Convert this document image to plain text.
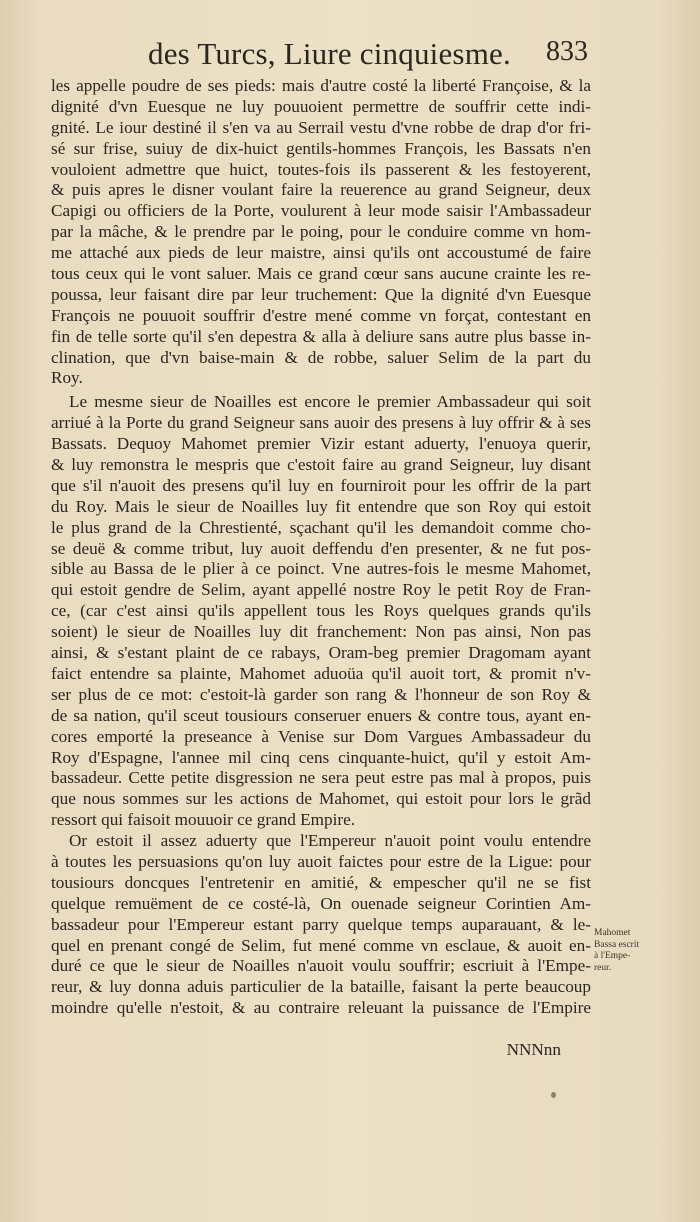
des Turcs, Liure cinquiesme. 833
les appelle poudre de ses pieds: mais d'autre costé la liberté Françoise, & la
dignité d'vn Euesque ne luy pouuoient permettre de souffrir cette indi-
gnité. Le iour destiné il s'en va au Serrail vestu d'vne robbe de drap d'or fri-
sé sur frise, suiuy de dix-huict gentils-hommes François, les Bassats n'en
vouloient admettre que huict, toutes-fois ils passerent & les festoyerent,
& puis apres le disner voulant faire la reuerence au grand Seigneur, deux
Capigi ou officiers de la Porte, voulurent à leur mode saisir l'Ambassadeur
par la mâche, & le prendre par le poing, pour le conduire comme vn hom-
me attaché aux pieds de leur maistre, ainsi qu'ils ont accoustumé de faire
tous ceux qui le vont saluer. Mais ce grand cœur sans aucune crainte les re-
poussa, leur faisant dire par leur truchement: Que la dignité d'vn Euesque
François ne pouuoit souffrir d'estre mené comme vn forçat, contestant en
fin de telle sorte qu'il s'en depestra & alla à deliure sans autre plus basse in-
clination, que d'vn baise-main & de robbe, saluer Selim de la part du
Roy.
Le mesme sieur de Noailles est encore le premier Ambassadeur qui soit
arriué à la Porte du grand Seigneur sans auoir des presens à luy offrir & à ses
Bassats. Dequoy Mahomet premier Vizir estant aduerty, l'enuoya querir,
& luy remonstra le mespris que c'estoit faire au grand Seigneur, luy disant
que s'il n'auoit des presens qu'il luy en fourniroit pour les offrir de la part
du Roy. Mais le sieur de Noailles luy fit entendre que son Roy qui estoit
le plus grand de la Chrestienté, sçachant qu'il les demandoit comme cho-
se deuë & comme tribut, luy auoit deffendu d'en presenter, & ne fut pos-
sible au Bassa de le plier à ce poinct. Vne autres-fois le mesme Mahomet,
qui estoit gendre de Selim, ayant appellé nostre Roy le petit Roy de Fran-
ce, (car c'est ainsi qu'ils appellent tous les Roys quelques grands qu'ils
soient) le sieur de Noailles luy dit franchement: Non pas ainsi, Non pas
ainsi, & s'estant plaint de ce rabays, Oram-beg premier Dragomam ayant
faict entendre sa plainte, Mahomet aduoüa qu'il auoit tort, & promit n'v-
ser plus de ce mot: c'estoit-là garder son rang & l'honneur de son Roy &
de sa nation, qu'il sceut tousiours conseruer enuers & contre tous, ayant en-
cores emporté la preseance à Venise sur Dom Vargues Ambassadeur du
Roy d'Espagne, l'annee mil cinq cens cinquante-huict, qu'il y estoit Am-
bassadeur. Cette petite disgression ne sera peut estre pas mal à propos, puis
que nous sommes sur les actions de Mahomet, qui estoit pour lors le grãd
ressort qui faisoit mouuoir ce grand Empire.
Or estoit il assez aduerty que l'Empereur n'auoit point voulu entendre
à toutes les persuasions qu'on luy auoit faictes pour estre de la Ligue: pour
tousiours doncques l'entretenir en amitié, & empescher qu'il ne se fist
quelque remuëment de ce costé-là, On ouenade seigneur Corintien Am-
bassadeur pour l'Empereur estant parry quelque temps auparauant, & le-
quel en prenant congé de Selim, fut mené comme vn esclaue, & auoit en-
duré ce que le sieur de Noailles n'auoit voulu souffrir; escriuit à l'Empe-
reur, & luy donna aduis particulier de la bataille, faisant la perte beaucoup
moindre qu'elle n'estoit, & au contraire releuant la puissance de l'Empire
NNNnn
Mahomet
Bassa escrit
à l'Empe-
reur.
